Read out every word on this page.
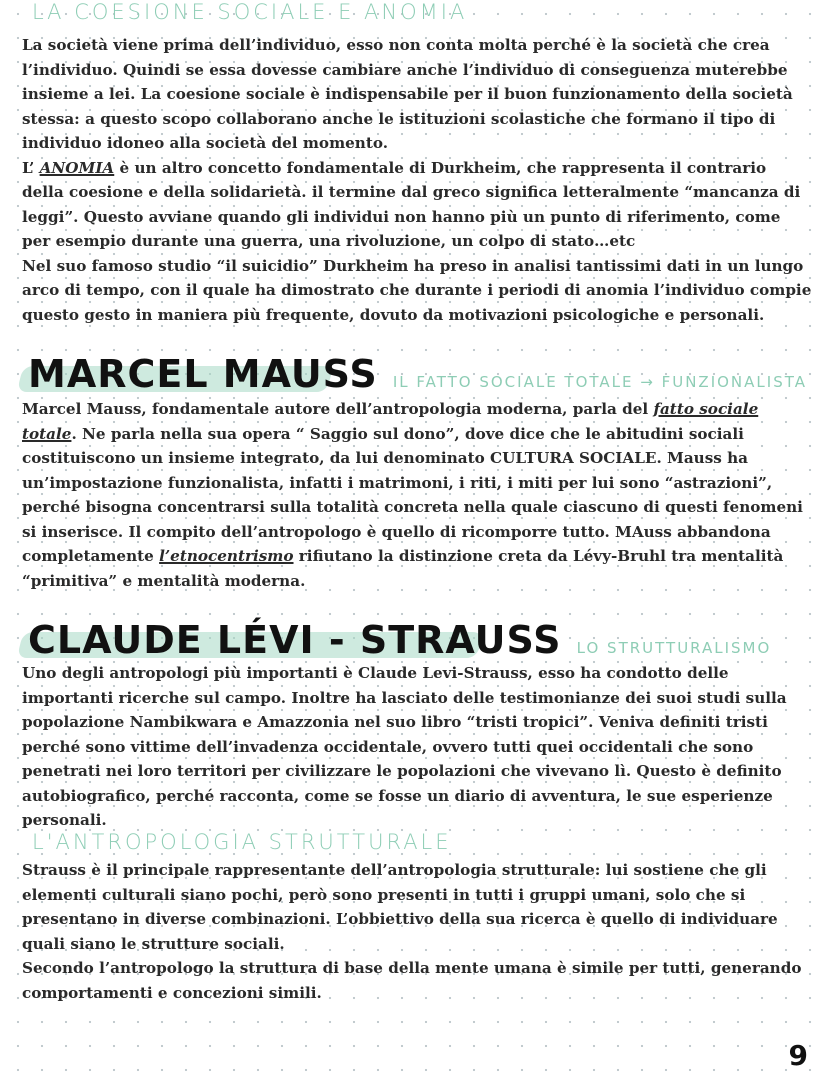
LA COESIONE SOCIALE E ANOMIA

La società viene prima dell’individuo, esso non conta molta perché è la società che crea l’individuo. Quindi se essa dovesse cambiare anche l’individuo di conseguenza muterebbe insieme a lei. La coesione sociale è indispensabile per il buon funzionamento della società stessa: a questo scopo collaborano anche le istituzioni scolastiche che formano il tipo di individuo idoneo alla società del momento.

L’ ANOMIA è un altro concetto fondamentale di Durkheim, che rappresenta il contrario della coesione e della solidarietà. il termine dal greco significa letteralmente “mancanza di leggi”. Questo avviane quando gli individui non hanno più un punto di riferimento, come per esempio durante una guerra, una rivoluzione, un colpo di stato…etc

Nel suo famoso studio “il suicidio” Durkheim ha preso in analisi tantissimi dati in un lungo arco di tempo, con il quale ha dimostrato che durante i periodi di anomia l’individuo compie questo gesto in maniera più frequente, dovuto da motivazioni psicologiche e personali.

MARCEL MAUSS IL FATTO SOCIALE TOTALE → FUNZIONALISTA

Marcel Mauss, fondamentale autore dell’antropologia moderna, parla del fatto sociale totale. Ne parla nella sua opera “ Saggio sul dono”, dove dice che le abitudini sociali costituiscono un insieme integrato, da lui denominato CULTURA SOCIALE. Mauss ha un’impostazione funzionalista, infatti i matrimoni, i riti, i miti per lui sono “astrazioni”, perché bisogna concentrarsi sulla totalità concreta nella quale ciascuno di questi fenomeni si inserisce. Il compito dell’antropologo è quello di ricomporre tutto. MAuss abbandona completamente l’etnocentrismo rifiutano la distinzione creta da Lévy-Bruhl tra mentalità “primitiva” e mentalità moderna.

CLAUDE LÉVI - STRAUSS LO STRUTTURALISMO

Uno degli antropologi più importanti è Claude Levi-Strauss, esso ha condotto delle importanti ricerche sul campo. Inoltre ha lasciato delle testimonianze dei suoi studi sulla popolazione Nambikwara e Amazzonia nel suo libro “tristi tropici”. Veniva definiti tristi perché sono vittime dell’invadenza occidentale, ovvero tutti quei occidentali che sono penetrati nei loro territori per civilizzare le popolazioni che vivevano lì. Questo è definito autobiografico, perché racconta, come se fosse un diario di avventura, le sue esperienze personali.

L'ANTROPOLOGIA STRUTTURALE

Strauss è il principale rappresentante dell’antropologia strutturale: lui sostiene che gli elementi culturali siano pochi, però sono presenti in tutti i gruppi umani, solo che si presentano in diverse combinazioni. L’obbiettivo della sua ricerca è quello di individuare quali siano le strutture sociali.

Secondo l’antropologo la struttura di base della mente umana è simile per tutti, generando comportamenti e concezioni simili.

9
